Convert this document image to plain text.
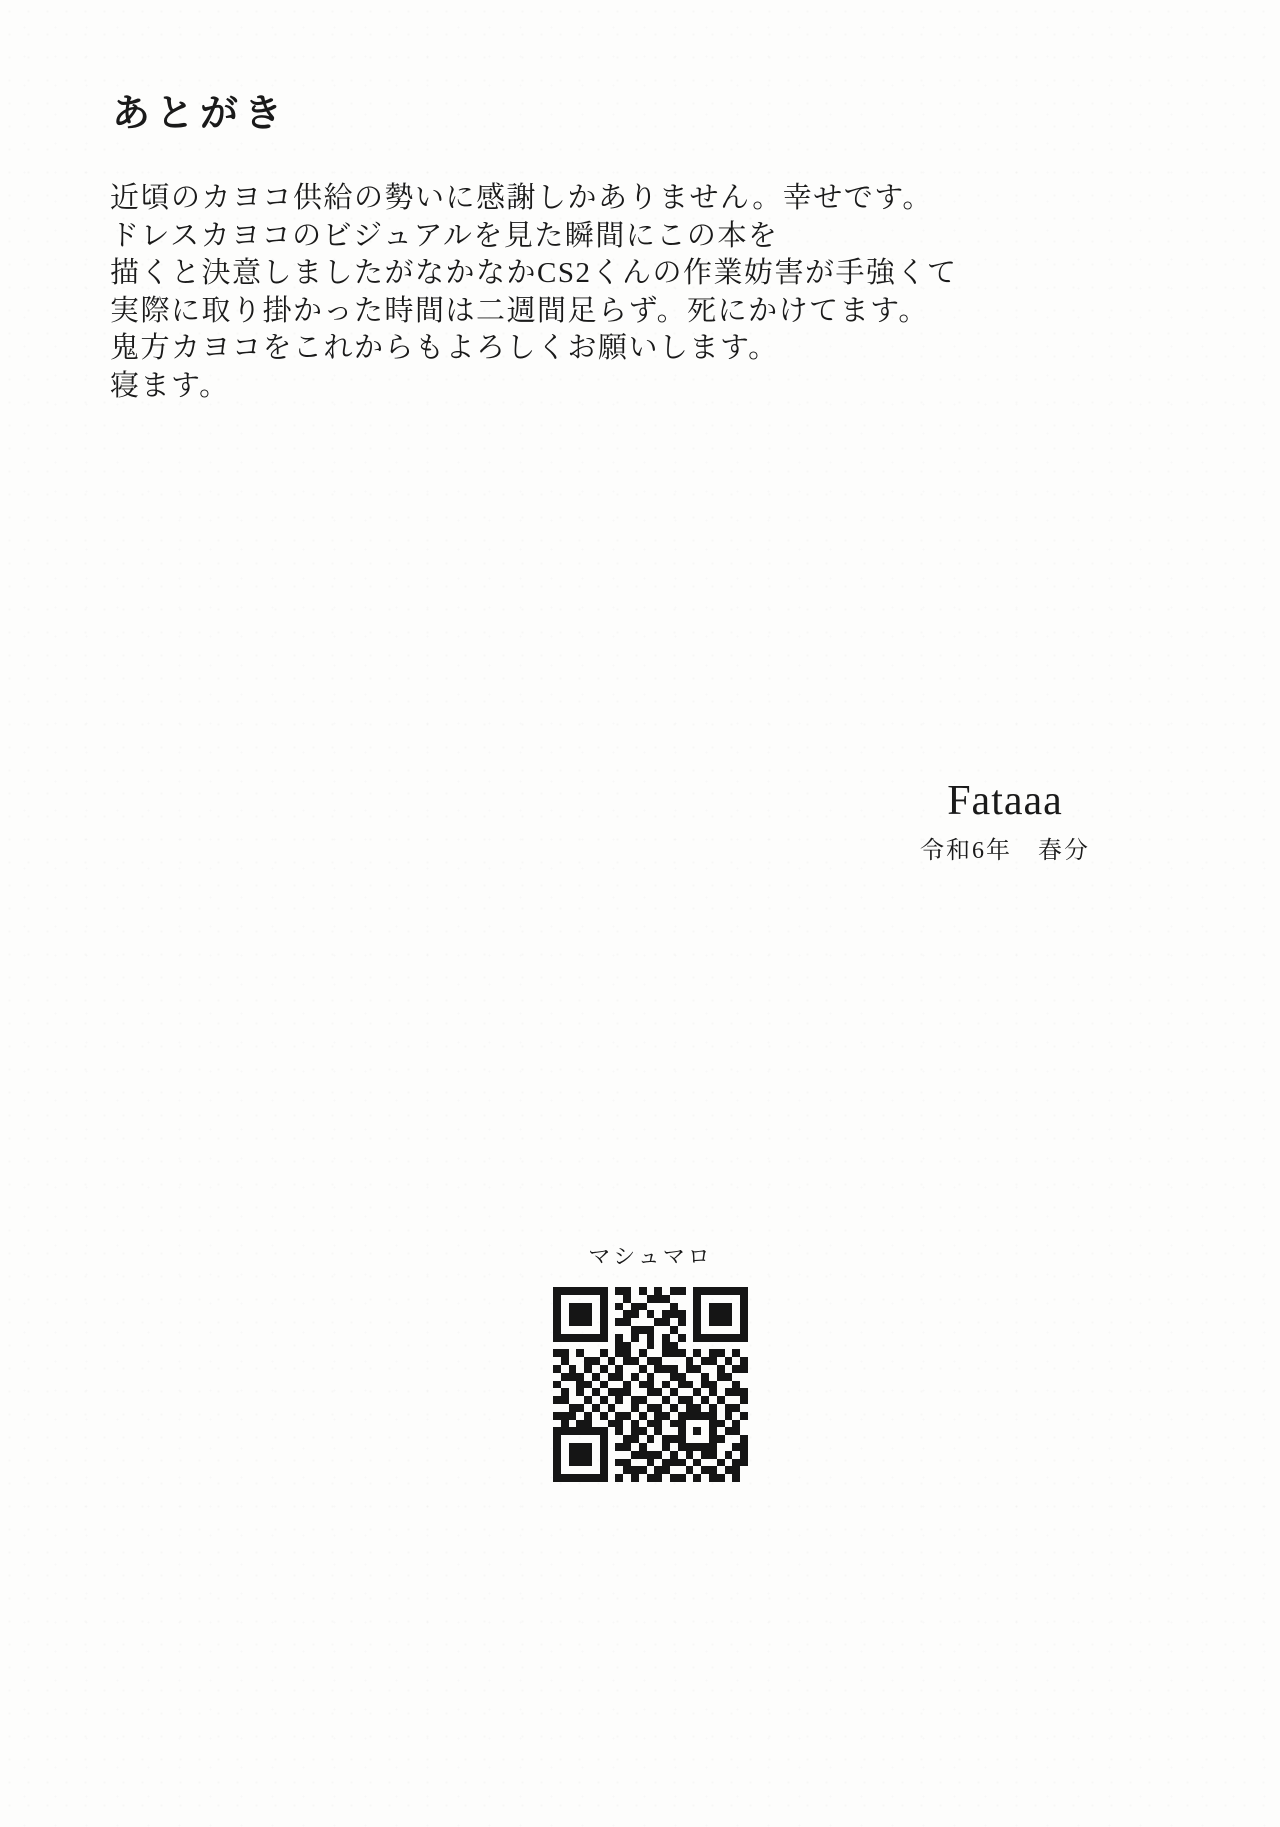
あとがき
近頃のカヨコ供給の勢いに感謝しかありません。幸せです。
ドレスカヨコのビジュアルを見た瞬間にこの本を
描くと決意しましたがなかなかCS2くんの作業妨害が手強くて
実際に取り掛かった時間は二週間足らず。死にかけてます。
鬼方カヨコをこれからもよろしくお願いします。
寝ます。
Fataaa
令和6年　春分
マシュマロ
